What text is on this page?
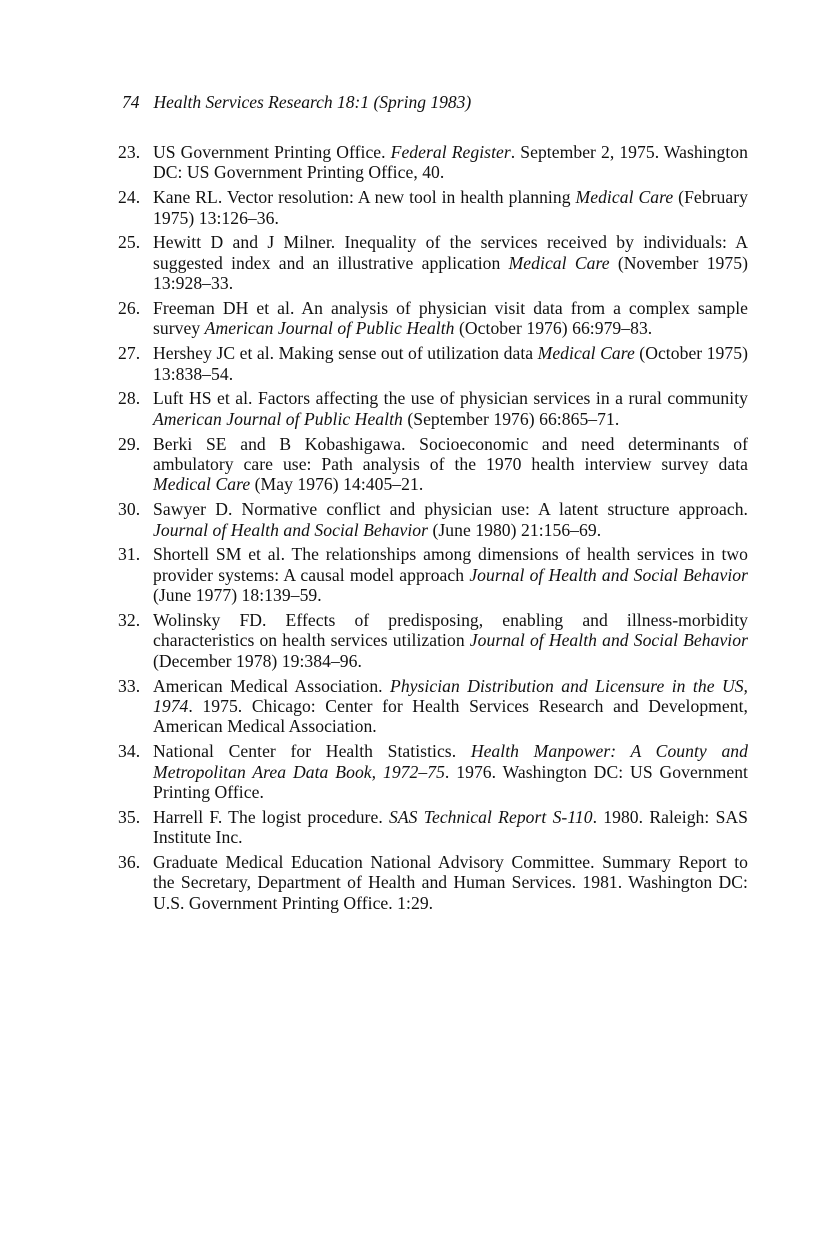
74 Health Services Research 18:1 (Spring 1983)
23. US Government Printing Office. Federal Register. September 2, 1975. Washington DC: US Government Printing Office, 40.
24. Kane RL. Vector resolution: A new tool in health planning Medical Care (February 1975) 13:126–36.
25. Hewitt D and J Milner. Inequality of the services received by individuals: A suggested index and an illustrative application Medical Care (November 1975) 13:928–33.
26. Freeman DH et al. An analysis of physician visit data from a complex sample survey American Journal of Public Health (October 1976) 66:979–83.
27. Hershey JC et al. Making sense out of utilization data Medical Care (October 1975) 13:838–54.
28. Luft HS et al. Factors affecting the use of physician services in a rural community American Journal of Public Health (September 1976) 66:865–71.
29. Berki SE and B Kobashigawa. Socioeconomic and need determinants of ambulatory care use: Path analysis of the 1970 health interview survey data Medical Care (May 1976) 14:405–21.
30. Sawyer D. Normative conflict and physician use: A latent structure approach. Journal of Health and Social Behavior (June 1980) 21:156–69.
31. Shortell SM et al. The relationships among dimensions of health services in two provider systems: A causal model approach Journal of Health and Social Behavior (June 1977) 18:139–59.
32. Wolinsky FD. Effects of predisposing, enabling and illness-morbidity characteristics on health services utilization Journal of Health and Social Behavior (December 1978) 19:384–96.
33. American Medical Association. Physician Distribution and Licensure in the US, 1974. 1975. Chicago: Center for Health Services Research and Development, American Medical Association.
34. National Center for Health Statistics. Health Manpower: A County and Metropolitan Area Data Book, 1972–75. 1976. Washington DC: US Government Printing Office.
35. Harrell F. The logist procedure. SAS Technical Report S-110. 1980. Raleigh: SAS Institute Inc.
36. Graduate Medical Education National Advisory Committee. Summary Report to the Secretary, Department of Health and Human Services. 1981. Washington DC: U.S. Government Printing Office. 1:29.
